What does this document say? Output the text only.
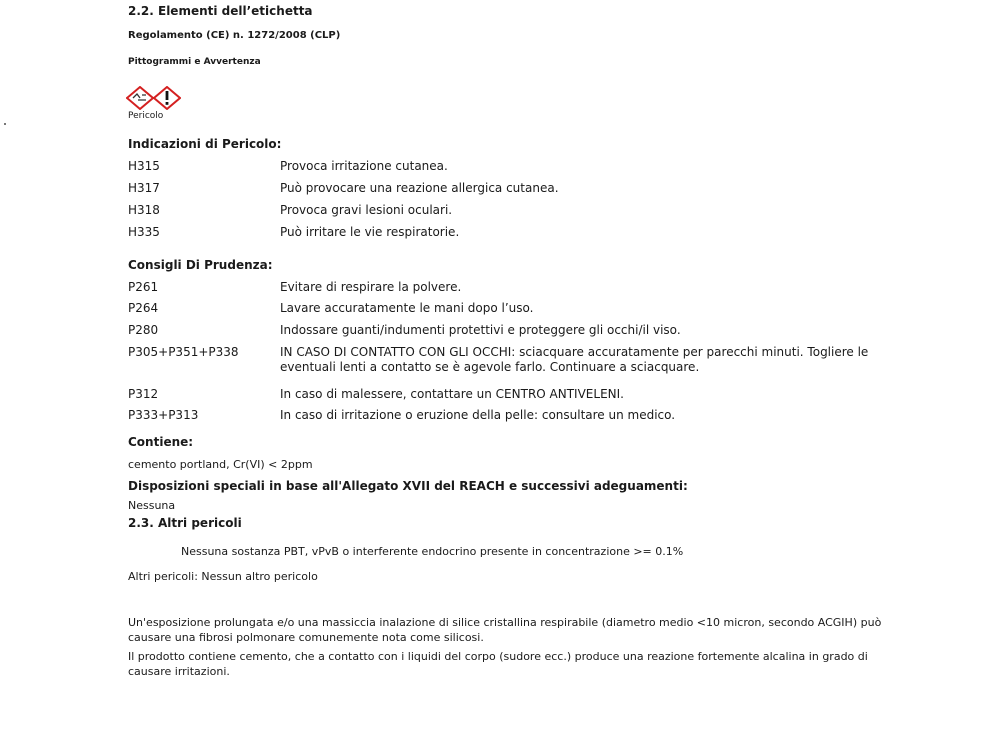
2.2. Elementi dell’etichetta
Regolamento (CE) n. 1272/2008 (CLP)
Pittogrammi e Avvertenza
Pericolo
Indicazioni di Pericolo:
H315	Provoca irritazione cutanea.
H317	Può provocare una reazione allergica cutanea.
H318	Provoca gravi lesioni oculari.
H335	Può irritare le vie respiratorie.
Consigli Di Prudenza:
P261	Evitare di respirare la polvere.
P264	Lavare accuratamente le mani dopo l’uso.
P280	Indossare guanti/indumenti protettivi e proteggere gli occhi/il viso.
P305+P351+P338	IN CASO DI CONTATTO CON GLI OCCHI: sciacquare accuratamente per parecchi minuti. Togliere le
eventuali lenti a contatto se è agevole farlo. Continuare a sciacquare.
P312	In caso di malessere, contattare un CENTRO ANTIVELENI.
P333+P313	In caso di irritazione o eruzione della pelle: consultare un medico.
Contiene:
cemento portland, Cr(VI) < 2ppm
Disposizioni speciali in base all'Allegato XVII del REACH e successivi adeguamenti:
Nessuna
2.3. Altri pericoli
Nessuna sostanza PBT, vPvB o interferente endocrino presente in concentrazione >= 0.1%
Altri pericoli: Nessun altro pericolo
Un'esposizione prolungata e/o una massiccia inalazione di silice cristallina respirabile (diametro medio <10 micron, secondo ACGIH) può
causare una fibrosi polmonare comunemente nota come silicosi.
Il prodotto contiene cemento, che a contatto con i liquidi del corpo (sudore ecc.) produce una reazione fortemente alcalina in grado di
causare irritazioni.
